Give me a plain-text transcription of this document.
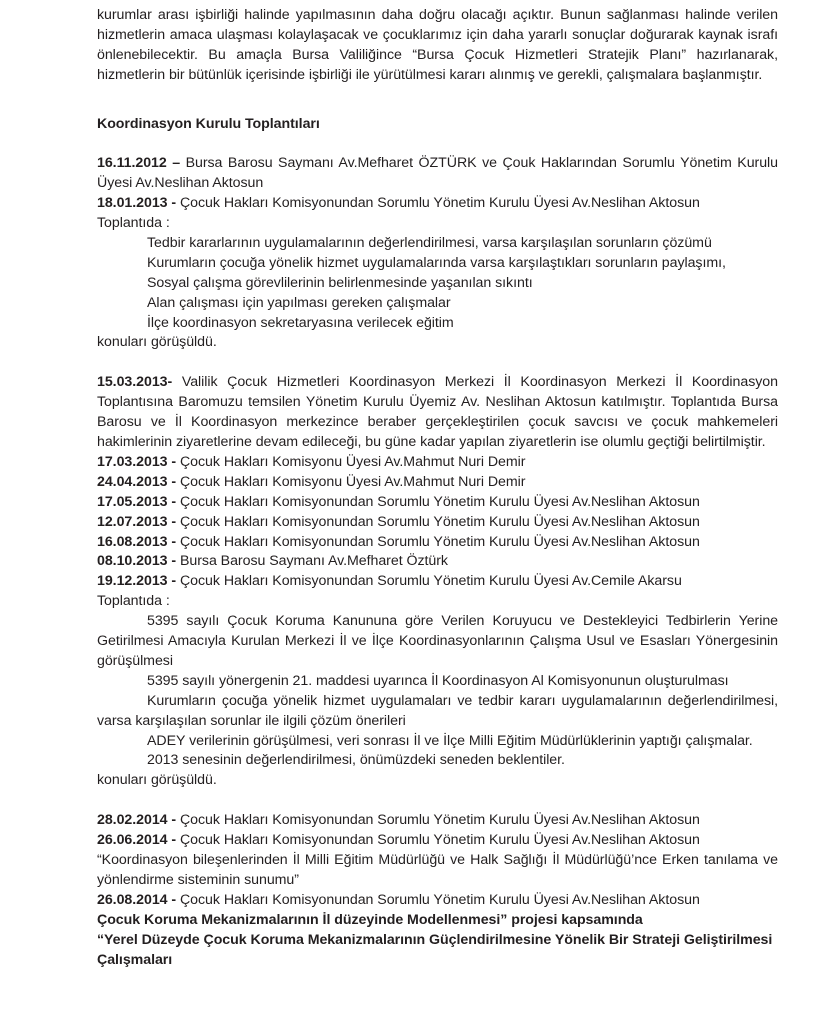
kurumlar arası işbirliği halinde yapılmasının daha doğru olacağı açıktır. Bunun sağlanması halinde verilen hizmetlerin amaca ulaşması kolaylaşacak ve çocuklarımız için daha yararlı sonuçlar doğurarak kaynak israfı önlenebilecektir. Bu amaçla Bursa Valiliğince “Bursa Çocuk Hizmetleri Stratejik Planı” hazırlanarak, hizmetlerin bir bütünlük içerisinde işbirliği ile yürütülmesi kararı alınmış ve gerekli, çalışmalara başlanmıştır.
Koordinasyon Kurulu Toplantıları
16.11.2012 – Bursa Barosu Saymanı Av.Mefharet ÖZTÜRK ve Çouk Haklarından Sorumlu Yönetim Kurulu Üyesi Av.Neslihan Aktosun
18.01.2013 - Çocuk Hakları Komisyonundan Sorumlu Yönetim Kurulu Üyesi Av.Neslihan Aktosun
Toplantıda :
Tedbir kararlarının uygulamalarının değerlendirilmesi, varsa karşılaşılan sorunların çözümü
Kurumların çocuğa yönelik hizmet uygulamalarında varsa karşılaştıkları sorunların paylaşımı,
Sosyal çalışma görevlilerinin belirlenmesinde yaşanılan sıkıntı
Alan çalışması için yapılması gereken çalışmalar
İlçe koordinasyon sekretaryasına verilecek eğitim
konuları görüşüldü.
15.03.2013- Valilik Çocuk Hizmetleri Koordinasyon Merkezi İl Koordinasyon Merkezi İl Koordinasyon Toplantısına Baromuzu temsilen Yönetim Kurulu Üyemiz Av. Neslihan Aktosun katılmıştır. Toplantıda Bursa Barosu ve İl Koordinasyon merkezince beraber gerçekleştirilen çocuk savcısı ve çocuk mahkemeleri hakimlerinin ziyaretlerine devam edileceği, bu güne kadar yapılan ziyaretlerin ise olumlu geçtiği belirtilmiştir.
17.03.2013 - Çocuk Hakları Komisyonu Üyesi Av.Mahmut Nuri Demir
24.04.2013 - Çocuk Hakları Komisyonu Üyesi Av.Mahmut Nuri Demir
17.05.2013 - Çocuk Hakları Komisyonundan Sorumlu Yönetim Kurulu Üyesi Av.Neslihan Aktosun
12.07.2013 - Çocuk Hakları Komisyonundan Sorumlu Yönetim Kurulu Üyesi Av.Neslihan Aktosun
16.08.2013 - Çocuk Hakları Komisyonundan Sorumlu Yönetim Kurulu Üyesi Av.Neslihan Aktosun
08.10.2013 - Bursa Barosu Saymanı Av.Mefharet Öztürk
19.12.2013 - Çocuk Hakları Komisyonundan Sorumlu Yönetim Kurulu Üyesi Av.Cemile Akarsu
Toplantıda :
5395 sayılı Çocuk Koruma Kanununa göre Verilen Koruyucu ve Destekleyici Tedbirlerin Yerine Getirilmesi Amacıyla Kurulan Merkezi İl ve İlçe Koordinasyonlarının Çalışma Usul ve Esasları Yönergesinin görüşülmesi
5395 sayılı yönergenin 21. maddesi uyarınca İl Koordinasyon Al Komisyonunun oluşturulması
Kurumların çocuğa yönelik hizmet uygulamaları ve tedbir kararı uygulamalarının değerlendirilmesi, varsa karşılaşılan sorunlar ile ilgili çözüm önerileri
ADEY verilerinin görüşülmesi, veri sonrası İl ve İlçe Milli Eğitim Müdürlüklerinin yaptığı çalışmalar.
2013 senesinin değerlendirilmesi, önümüzdeki seneden beklentiler.
konuları görüşüldü.
28.02.2014 - Çocuk Hakları Komisyonundan Sorumlu Yönetim Kurulu Üyesi Av.Neslihan Aktosun
26.06.2014 - Çocuk Hakları Komisyonundan Sorumlu Yönetim Kurulu Üyesi Av.Neslihan Aktosun
“Koordinasyon bileşenlerinden İl Milli Eğitim Müdürlüğü ve Halk Sağlığı İl Müdürlüğü’nce Erken tanılama ve yönlendirme sisteminin sunumu”
26.08.2014 - Çocuk Hakları Komisyonundan Sorumlu Yönetim Kurulu Üyesi Av.Neslihan Aktosun
Çocuk Koruma Mekanizmalarının İl düzeyinde Modellenmesi” projesi kapsamında
“Yerel Düzeyde Çocuk Koruma Mekanizmalarının Güçlendirilmesine Yönelik Bir Strateji Geliştirilmesi Çalışmaları
